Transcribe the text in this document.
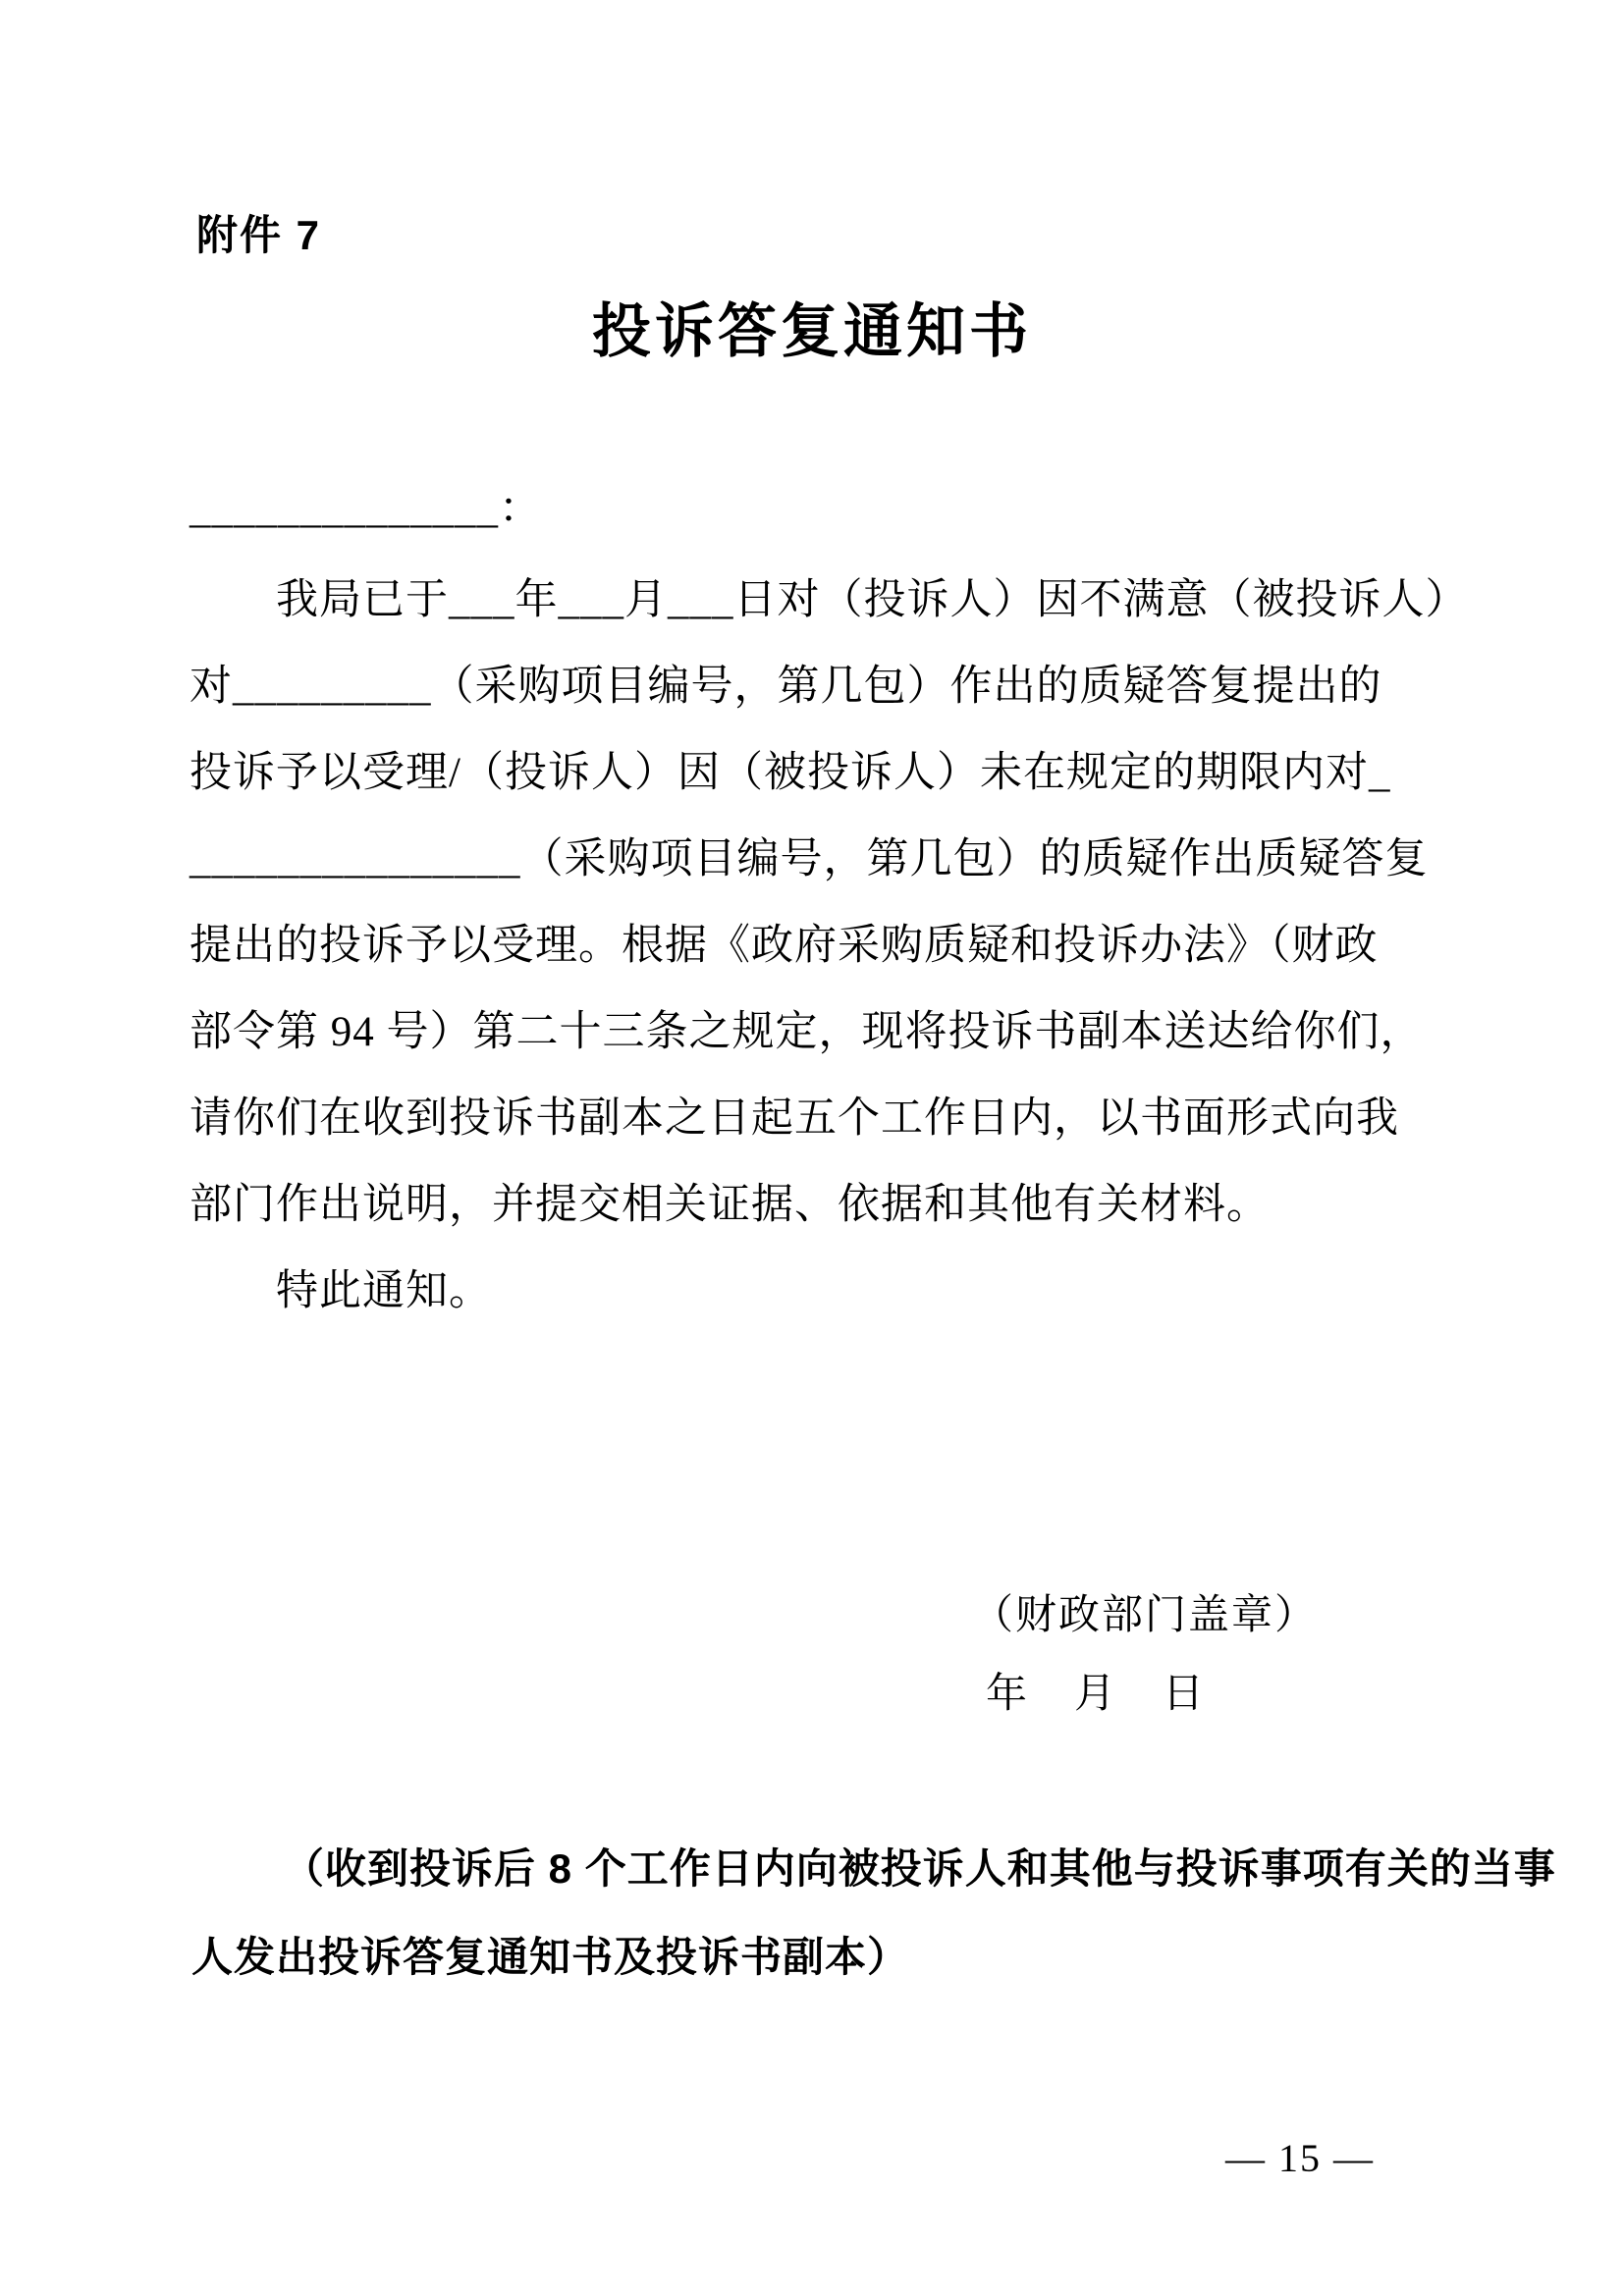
附件 7
投诉答复通知书
______________：
我局已于___年___月___日对（投诉人）因不满意（被投诉人）
对_________（采购项目编号，第几包）作出的质疑答复提出的
投诉予以受理/（投诉人）因（被投诉人）未在规定的期限内对_
_______________（采购项目编号，第几包）的质疑作出质疑答复
提出的投诉予以受理。根据《政府采购质疑和投诉办法》（财政
部令第 94 号）第二十三条之规定，现将投诉书副本送达给你们，
请你们在收到投诉书副本之日起五个工作日内，以书面形式向我
部门作出说明，并提交相关证据、依据和其他有关材料。
特此通知。
（财政部门盖章）
年　月　日
（收到投诉后 8 个工作日内向被投诉人和其他与投诉事项有关的当事
人发出投诉答复通知书及投诉书副本）
— 15 —
